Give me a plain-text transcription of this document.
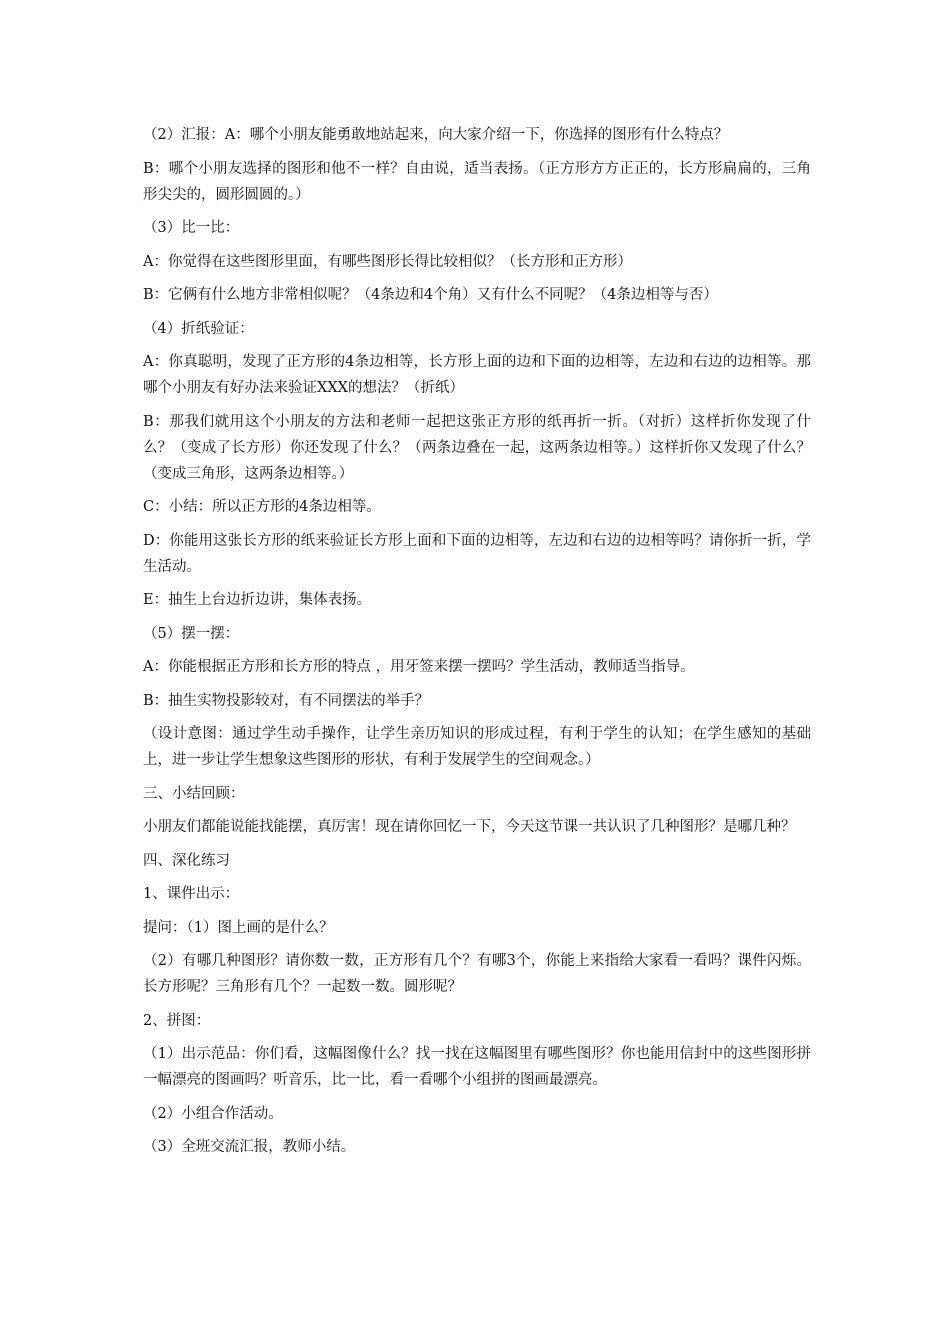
（2）汇报：A：哪个小朋友能勇敢地站起来，向大家介绍一下，你选择的图形有什么特点？

B：哪个小朋友选择的图形和他不一样？自由说，适当表扬。（正方形方方正正的，长方形扁扁的，三角形尖尖的，圆形圆圆的。）

（3）比一比：

A：你觉得在这些图形里面，有哪些图形长得比较相似？（长方形和正方形）

B：它俩有什么地方非常相似呢？（4条边和4个角）又有什么不同呢？（4条边相等与否）

（4）折纸验证：

A：你真聪明，发现了正方形的4条边相等，长方形上面的边和下面的边相等，左边和右边的边相等。那哪个小朋友有好办法来验证XXX的想法？（折纸）

B：那我们就用这个小朋友的方法和老师一起把这张正方形的纸再折一折。（对折）这样折你发现了什么？（变成了长方形）你还发现了什么？（两条边叠在一起，这两条边相等。）这样折你又发现了什么？（变成三角形，这两条边相等。）

C：小结：所以正方形的4条边相等。

D：你能用这张长方形的纸来验证长方形上面和下面的边相等，左边和右边的边相等吗？请你折一折，学生活动。

E：抽生上台边折边讲，集体表扬。

（5）摆一摆：

A：你能根据正方形和长方形的特点 ，用牙签来摆一摆吗？学生活动，教师适当指导。

B：抽生实物投影较对，有不同摆法的举手？

（设计意图：通过学生动手操作，让学生亲历知识的形成过程，有利于学生的认知；在学生感知的基础上，进一步让学生想象这些图形的形状，有利于发展学生的空间观念。）

三、小结回顾：

小朋友们都能说能找能摆，真厉害！现在请你回忆一下，今天这节课一共认识了几种图形？是哪几种？

四、深化练习

1、课件出示：

提问：（1）图上画的是什么？

（2）有哪几种图形？请你数一数，正方形有几个？有哪3个，你能上来指给大家看一看吗？课件闪烁。长方形呢？三角形有几个？一起数一数。圆形呢？

2、拼图：

（1）出示范品：你们看，这幅图像什么？找一找在这幅图里有哪些图形？你也能用信封中的这些图形拼一幅漂亮的图画吗？听音乐，比一比，看一看哪个小组拼的图画最漂亮。

（2）小组合作活动。

（3）全班交流汇报，教师小结。
